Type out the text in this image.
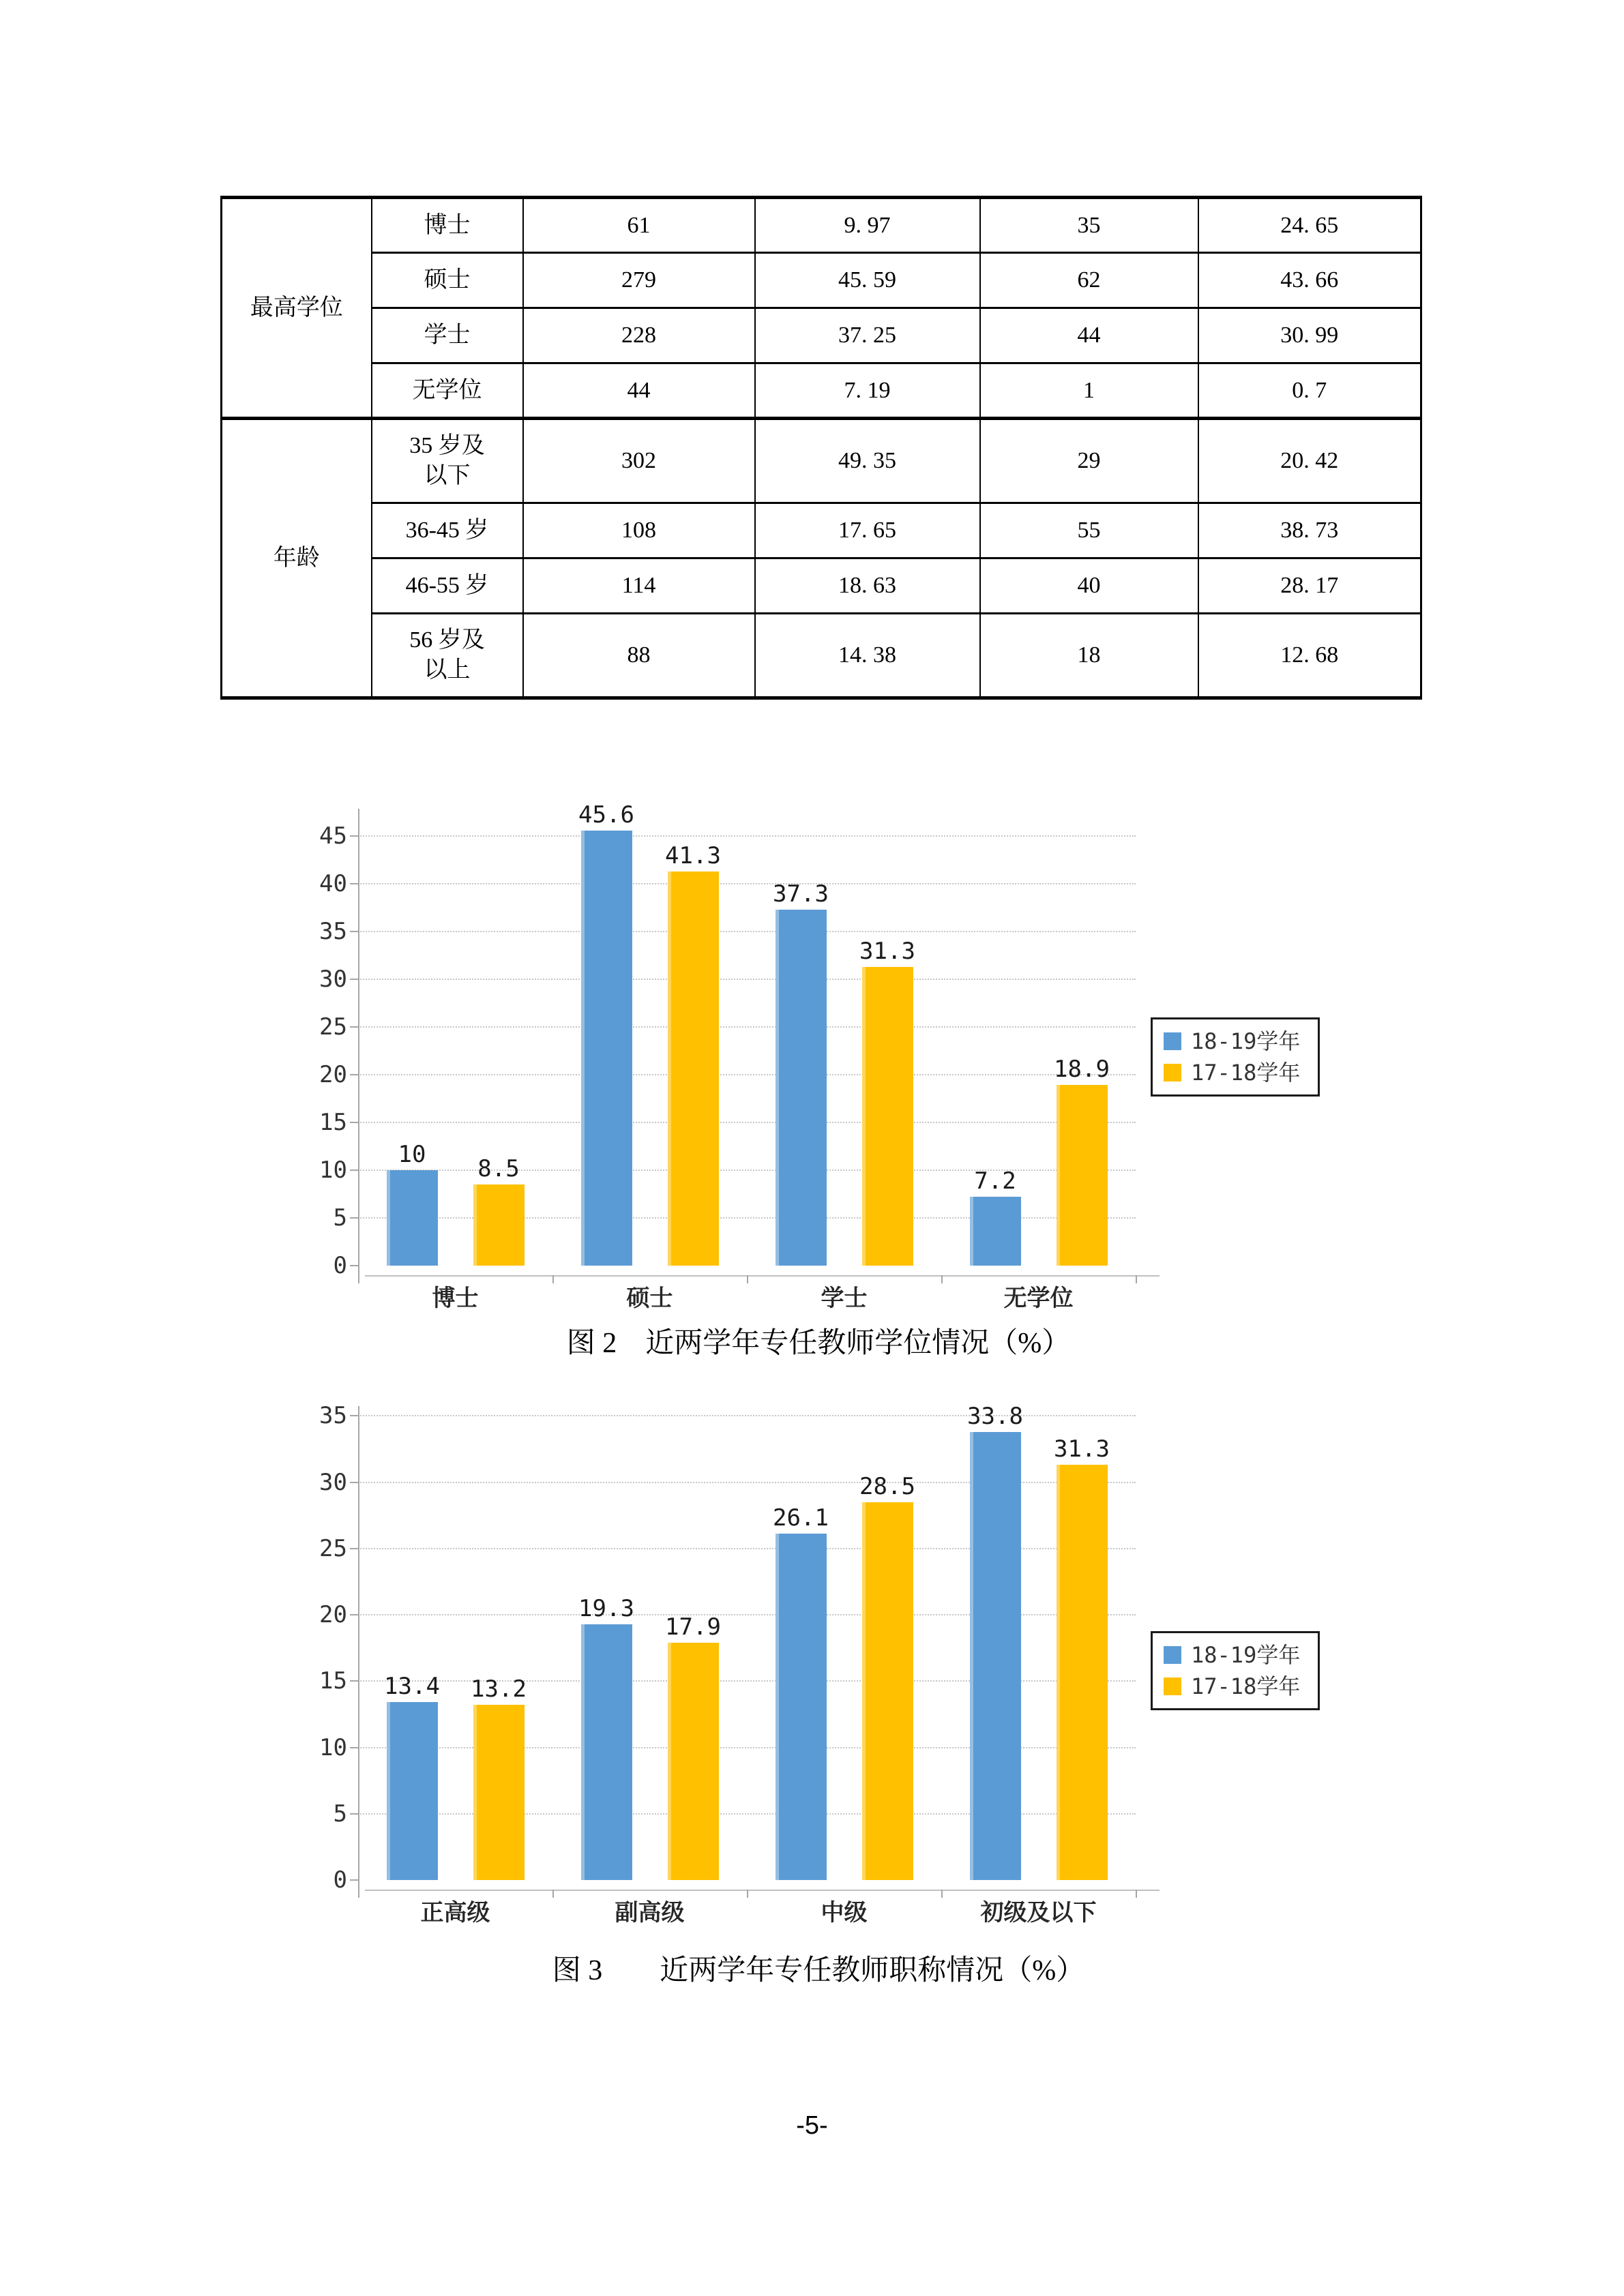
最高学位	博士	61	9. 97	35	24. 65
	硕士	279	45. 59	62	43. 66
	学士	228	37. 25	44	30. 99
	无学位	44	7. 19	1	0. 7
年龄	35 岁及
以下	302	49. 35	29	20. 42
	36-45 岁	108	17. 65	55	38. 73
	46-55 岁	114	18. 63	40	28. 17
	56 岁及
以上	88	14. 38	18	12. 68
0
5
10
15
20
25
30
35
40
45
10
8.5
博士
45.6
41.3
硕士
37.3
31.3
学士
7.2
18.9
无学位
18-19学年
17-18学年
图 2　近两学年专任教师学位情况（%）
0
5
10
15
20
25
30
35
13.4	13.2
正高级
19.3
17.9
副高级
26.1
28.5
中级
33.8
31.3
初级及以下
18-19学年
17-18学年
图 3　　近两学年专任教师职称情况（%）
-5-
